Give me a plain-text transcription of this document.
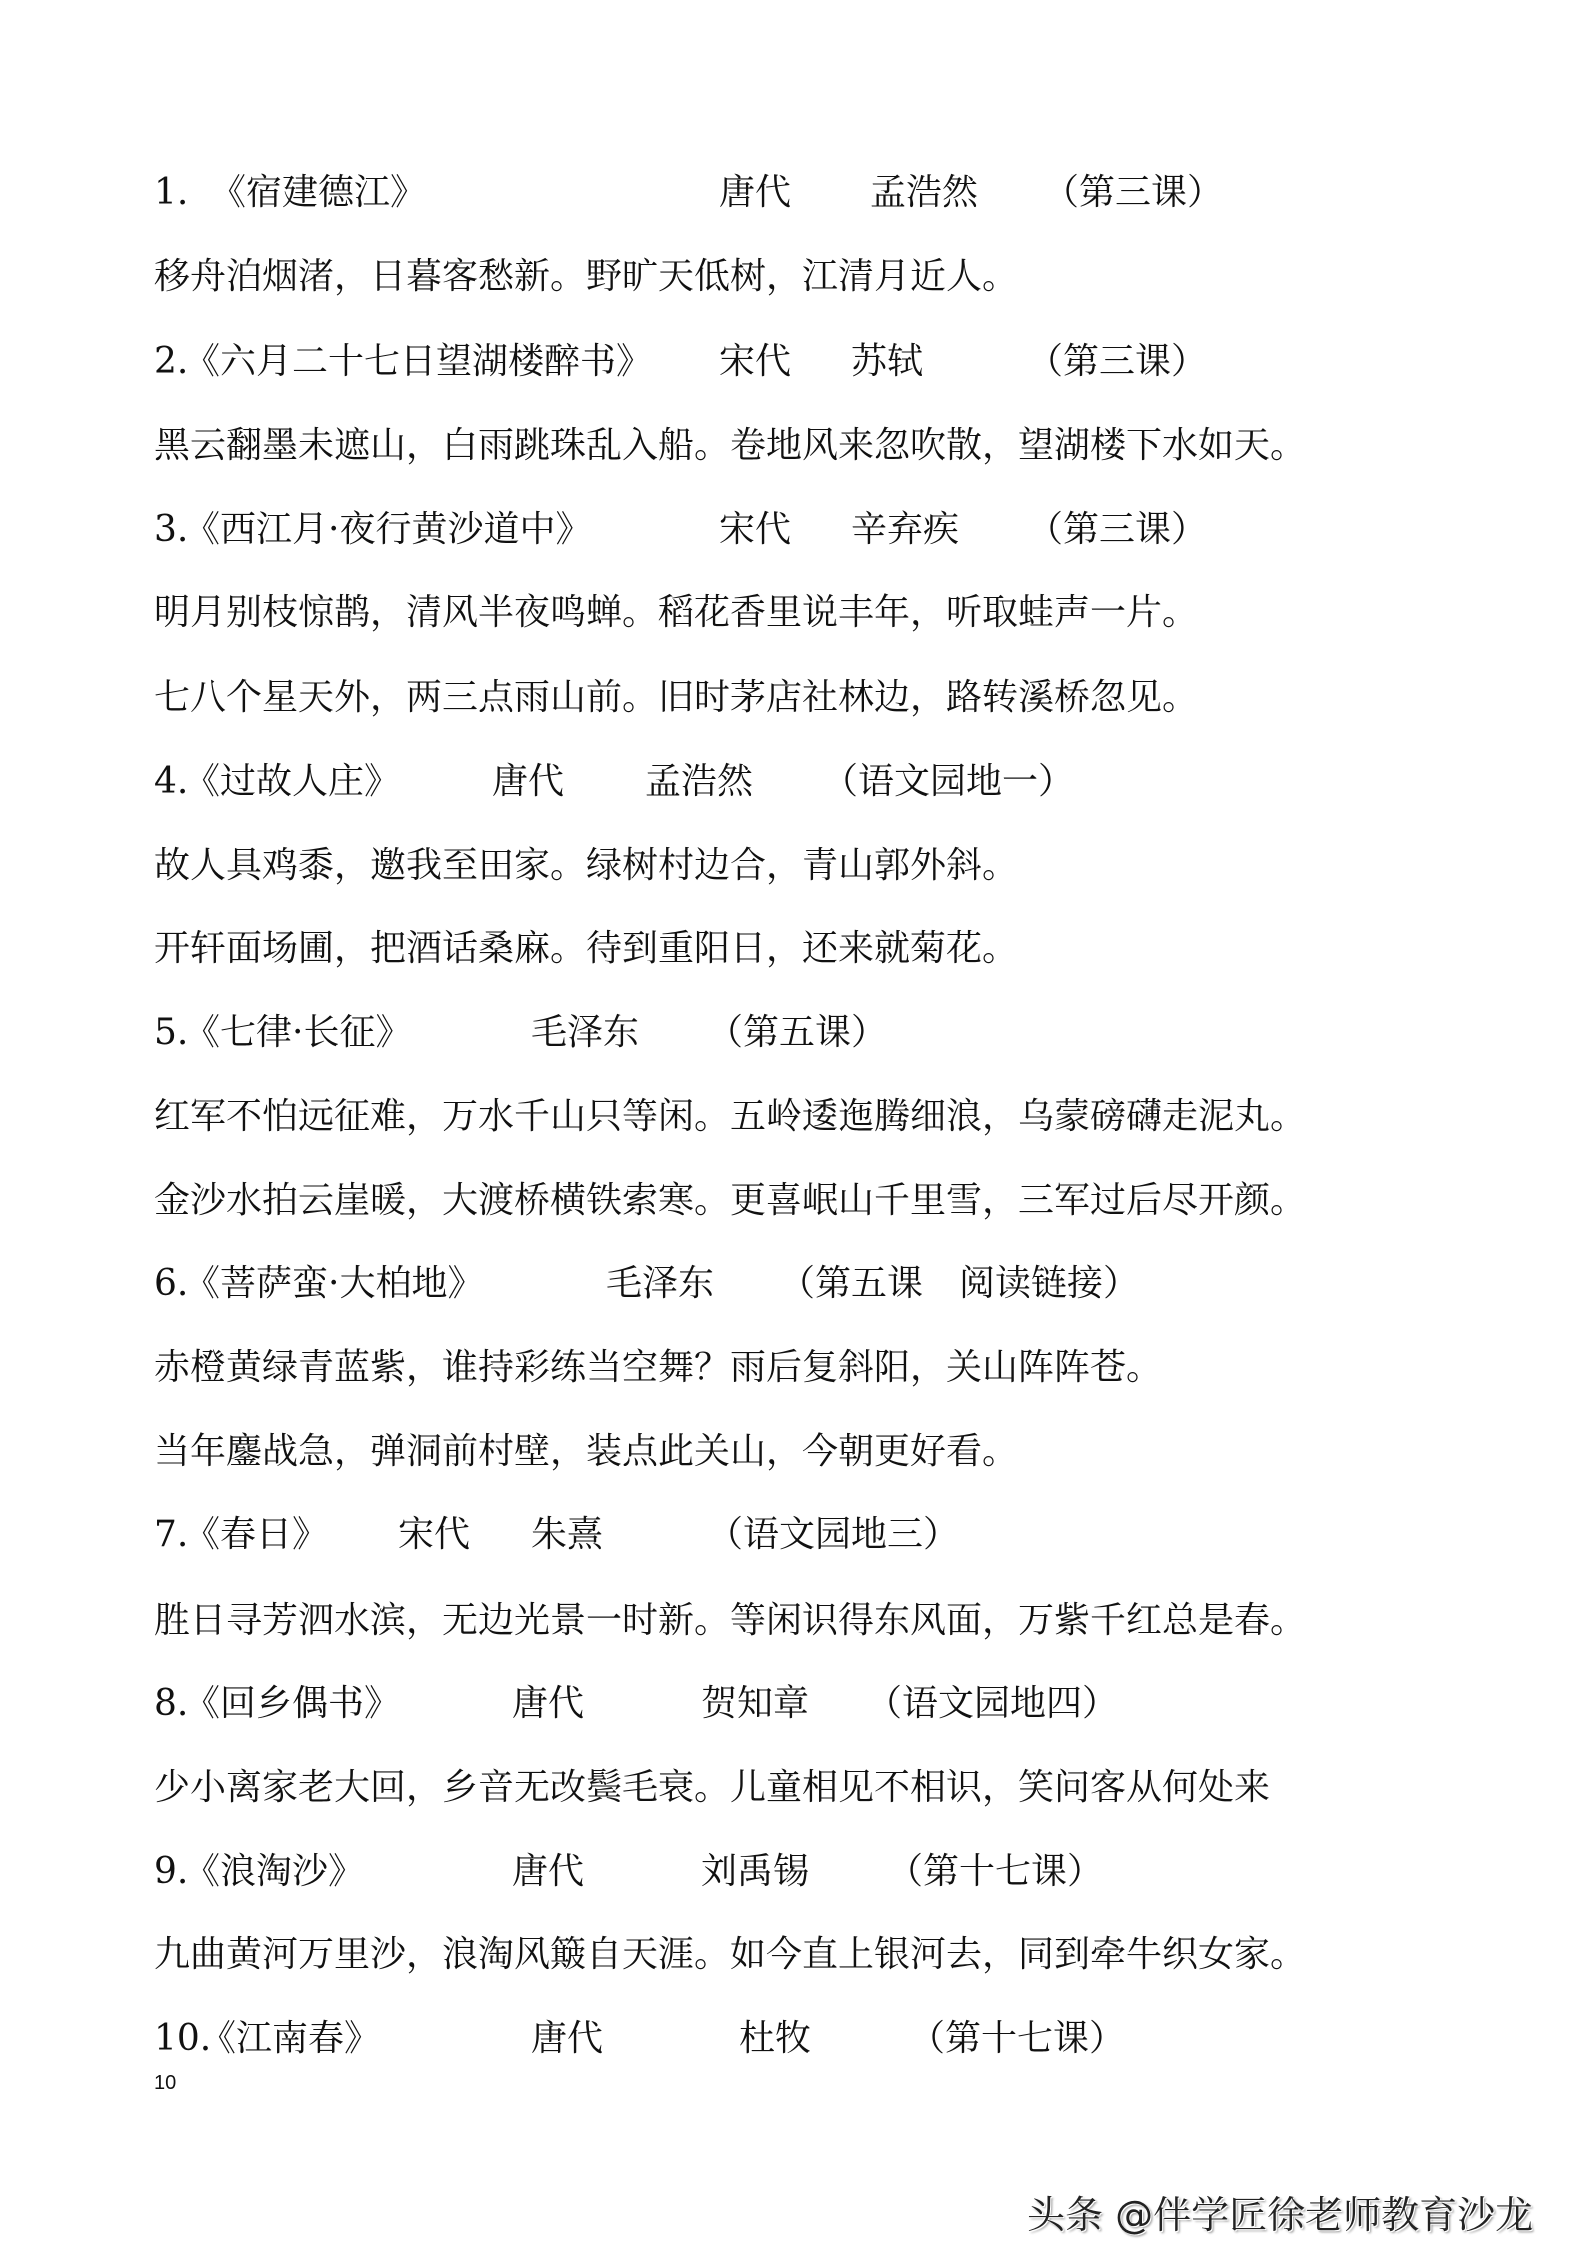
1. 《宿建德江》	唐代 孟浩然 （第三课）
移舟泊烟渚，日暮客愁新。野旷天低树，江清月近人。
2.
《六月二十七日望湖楼醉书》 宋代 苏轼	（第三课）
黑云翻墨未遮山，白雨跳珠乱入船。卷地风来忽吹散，望湖楼下水如天。
3.
《西江月·夜行黄沙道中》	宋代 辛弃疾 （第三课）
明月别枝惊鹊，清风半夜鸣蝉。稻花香里说丰年，听取蛙声一片。
七八个星天外，两三点雨山前。旧时茅店社林边，路转溪桥忽见。
4.
《过故人庄》	唐代 孟浩然 （语文园地一）
故人具鸡黍，邀我至田家。绿树村边合，青山郭外斜。
开轩面场圃，把酒话桑麻。待到重阳日，还来就菊花。
5.
《七律·长征》	毛泽东 （第五课）
红军不怕远征难，万水千山只等闲。五岭逶迤腾细浪，乌蒙磅礴走泥丸。
金沙水拍云崖暖，大渡桥横铁索寒。更喜岷山千里雪，三军过后尽开颜。
6.
《菩萨蛮·大柏地》	毛泽东 （第五课　阅读链接）
赤橙黄绿青蓝紫，谁持彩练当空舞？雨后复斜阳，关山阵阵苍。
当年鏖战急，弹洞前村壁，装点此关山，今朝更好看。
7.
《春日》 宋代 朱熹	（语文园地三）
胜日寻芳泗水滨，无边光景一时新。等闲识得东风面，万紫千红总是春。
8.
《回乡偶书》	唐代	贺知章 （语文园地四）
少小离家老大回，乡音无改鬓毛衰。儿童相见不相识，笑问客从何处来
9.
《浪淘沙》	唐代	刘禹锡 （第十七课）
九曲黄河万里沙，浪淘风簸自天涯。如今直上银河去，同到牵牛织女家。
10.
《江南春》	唐代	杜牧	（第十七课）
10
头条 @伴学匠徐老师教育沙龙
